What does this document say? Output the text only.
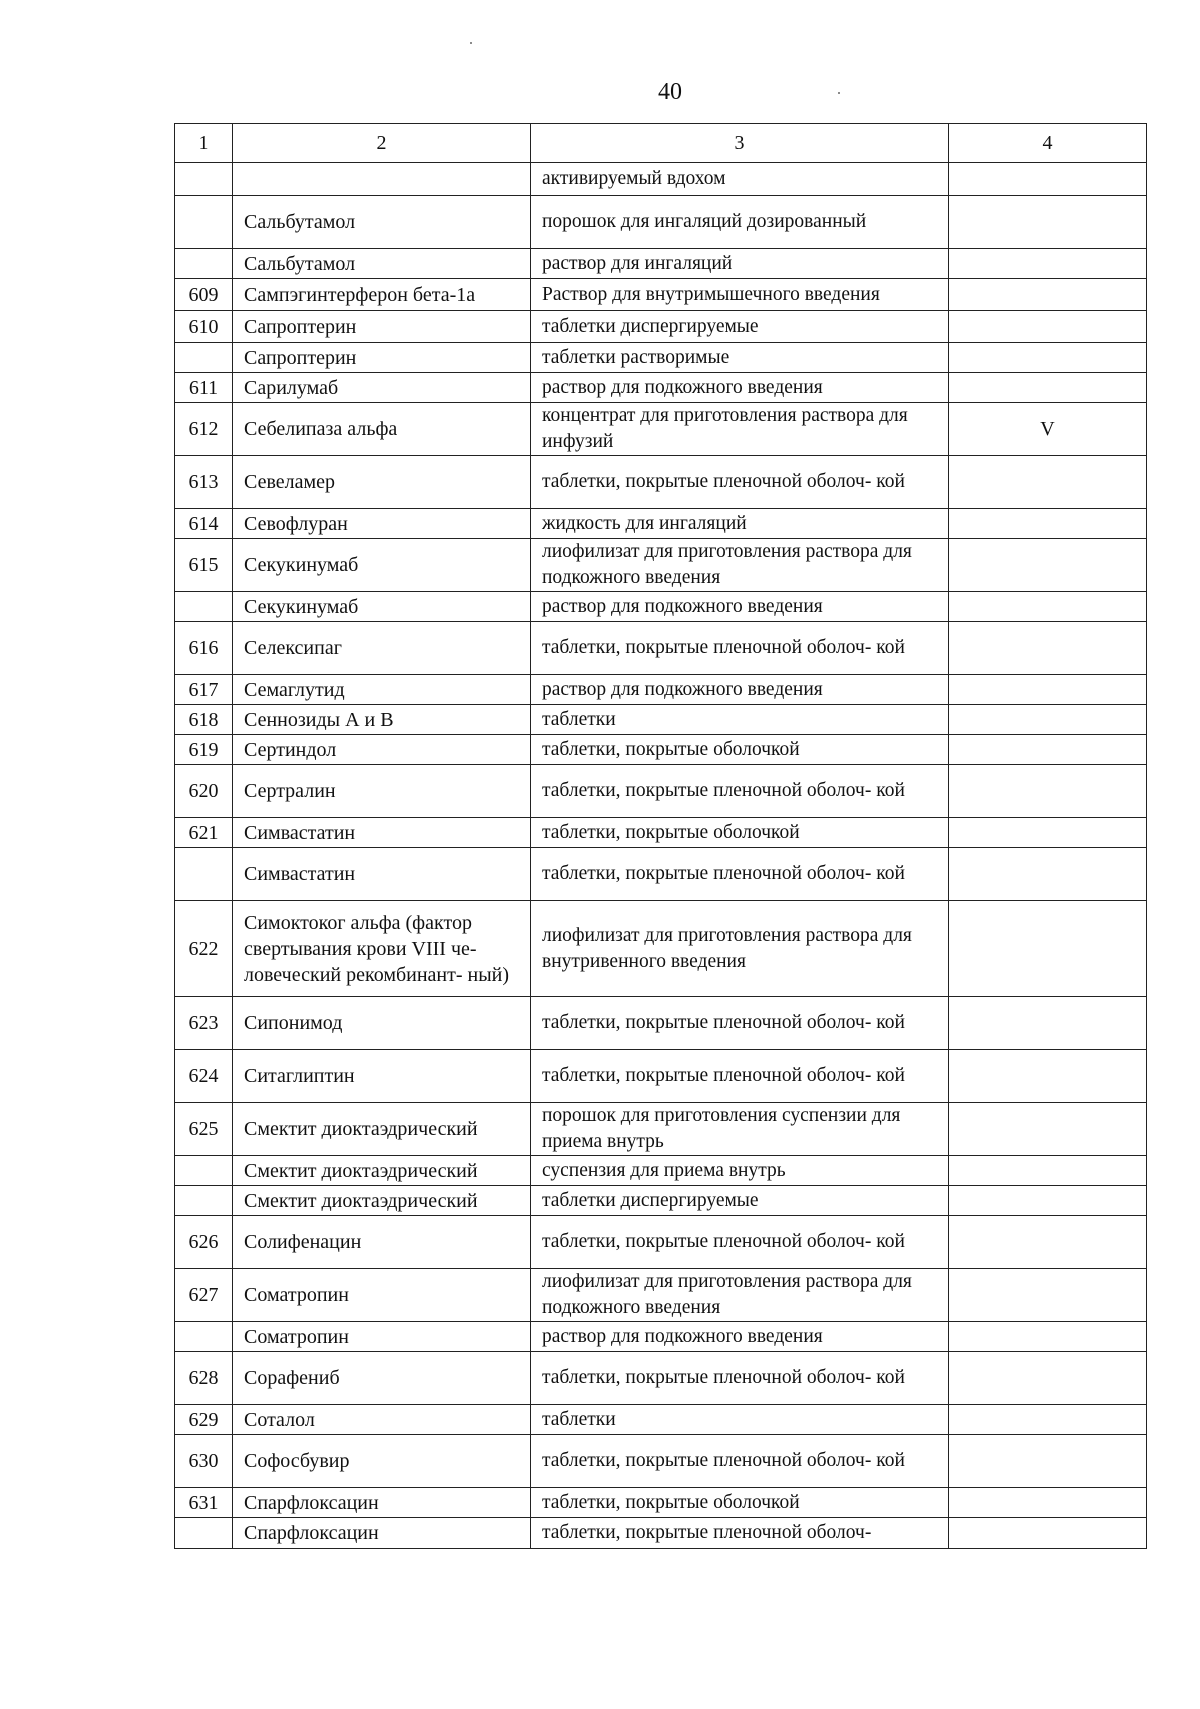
40
1	2	3	4
		активируемый вдохом	
	Сальбутамол	порошок для ингаляций дозированный	
	Сальбутамол	раствор для ингаляций	
609	Сампэгинтерферон бета-1а	Раствор для внутримышечного введения	
610	Сапроптерин	таблетки диспергируемые	
	Сапроптерин	таблетки растворимые	
611	Сарилумаб	раствор для подкожного введения	
612	Себелипаза альфа	концентрат для приготовления раствора для инфузий	V
613	Севеламер	таблетки, покрытые пленочной оболоч- кой	
614	Севофлуран	жидкость для ингаляций	
615	Секукинумаб	лиофилизат для приготовления раствора для подкожного введения	
	Секукинумаб	раствор для подкожного введения	
616	Селексипаг	таблетки, покрытые пленочной оболоч- кой	
617	Семаглутид	раствор для подкожного введения	
618	Сеннозиды А и В	таблетки	
619	Сертиндол	таблетки, покрытые оболочкой	
620	Сертралин	таблетки, покрытые пленочной оболоч- кой	
621	Симвастатин	таблетки, покрытые оболочкой	
	Симвастатин	таблетки, покрытые пленочной оболоч- кой	
622	Симоктоког альфа (фактор свертывания крови VIII че- ловеческий рекомбинант- ный)	лиофилизат для приготовления раствора для внутривенного введения	
623	Сипонимод	таблетки, покрытые пленочной оболоч- кой	
624	Ситаглиптин	таблетки, покрытые пленочной оболоч- кой	
625	Смектит диоктаэдрический	порошок для приготовления суспензии для приема внутрь	
	Смектит диоктаэдрический	суспензия для приема внутрь	
	Смектит диоктаэдрический	таблетки диспергируемые	
626	Солифенацин	таблетки, покрытые пленочной оболоч- кой	
627	Соматропин	лиофилизат для приготовления раствора для подкожного введения	
	Соматропин	раствор для подкожного введения	
628	Сорафениб	таблетки, покрытые пленочной оболоч- кой	
629	Соталол	таблетки	
630	Софосбувир	таблетки, покрытые пленочной оболоч- кой	
631	Спарфлоксацин	таблетки, покрытые оболочкой	
	Спарфлоксацин	таблетки, покрытые пленочной оболоч-	
